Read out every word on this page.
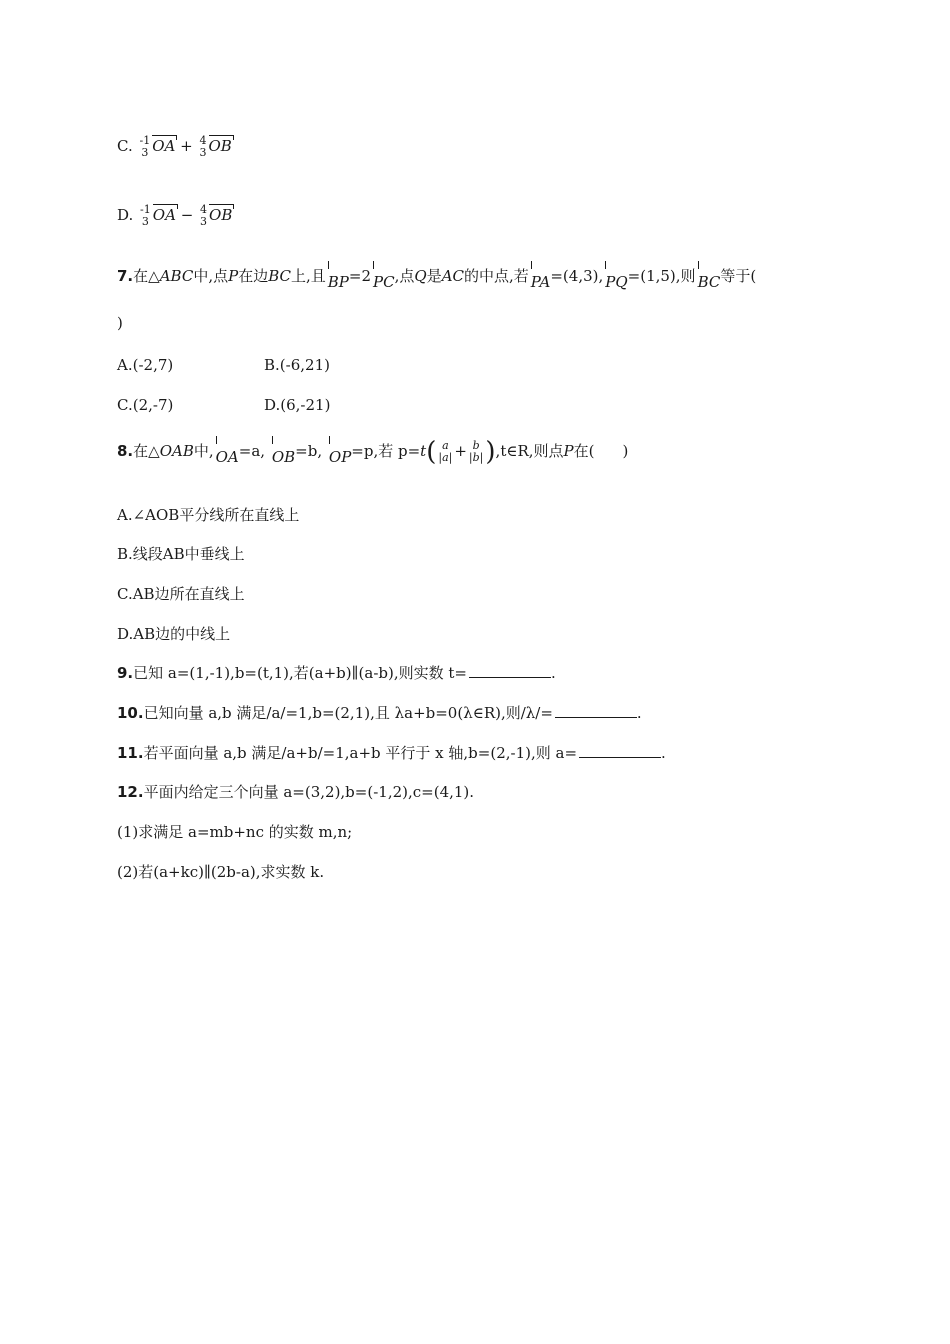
C. -1
3 OA + 4
3 OB
D. -1
3 OA − 4
3 OB
7.在△ABC中,点P在边BC上,且 BP=2 PC,点Q是AC的中点,若 PA=(4,3), PQ=(1,5),则 BC等于(
)
A.(-2,7)	B.(-6,21)
C.(2,-7)	D.(6,-21)
8.在△OAB中, OA=a, OB=b, OP=p,若 p=t( a
|a| + b
|b| ),t∈R,则点P在( )
A.∠AOB平分线所在直线上
B.线段AB中垂线上
C.AB边所在直线上
D.AB边的中线上
9.已知 a=(1,-1),b=(t,1),若(a+b)∥(a-b),则实数 t=	.
10.已知向量 a,b 满足/a/=1,b=(2,1),且 λa+b=0(λ∈R),则/λ/=	.
11.若平面向量 a,b 满足/a+b/=1,a+b 平行于 x 轴,b=(2,-1),则 a=	.
12.平面内给定三个向量 a=(3,2),b=(-1,2),c=(4,1).
(1)求满足 a=mb+nc 的实数 m,n;
(2)若(a+kc)∥(2b-a),求实数 k.
